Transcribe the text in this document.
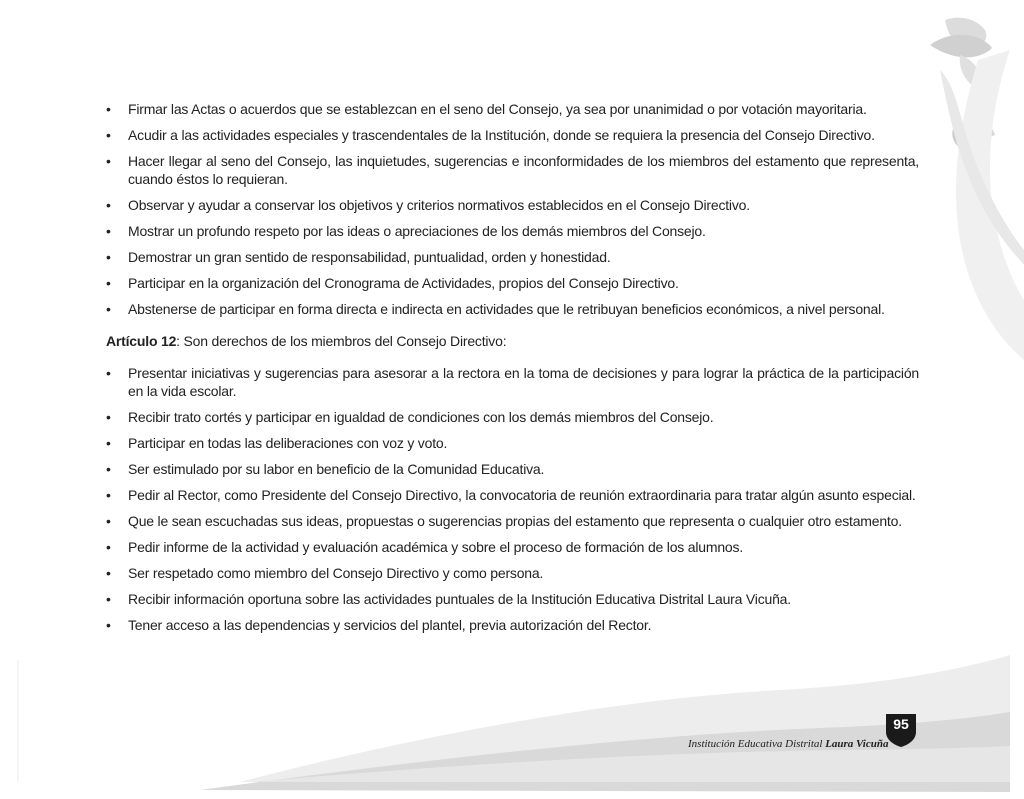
• Firmar las Actas o acuerdos que se establezcan en el seno del Consejo, ya sea por unanimidad o por votación mayoritaria.
• Acudir a las actividades especiales y trascendentales de la Institución, donde se requiera la presencia del Consejo Directivo.
• Hacer llegar al seno del Consejo, las inquietudes, sugerencias e inconformidades de los miembros del estamento que representa, cuando éstos lo requieran.
• Observar y ayudar a conservar los objetivos y criterios normativos establecidos en el Consejo Directivo.
• Mostrar un profundo respeto por las ideas o apreciaciones de los demás miembros del Consejo.
• Demostrar un gran sentido de responsabilidad, puntualidad, orden y honestidad.
• Participar en la organización del Cronograma de Actividades, propios del Consejo Directivo.
• Abstenerse de participar en forma directa e indirecta en actividades que le retribuyan beneficios económicos, a nivel personal.

Artículo 12: Son derechos de los miembros del Consejo Directivo:

• Presentar iniciativas y sugerencias para asesorar a la rectora en la toma de decisiones y para lograr la práctica de la participación en la vida escolar.
• Recibir trato cortés y participar en igualdad de condiciones con los demás miembros del Consejo.
• Participar en todas las deliberaciones con voz y voto.
• Ser estimulado por su labor en beneficio de la Comunidad Educativa.
• Pedir al Rector, como Presidente del Consejo Directivo, la convocatoria de reunión extraordinaria para tratar algún asunto especial.
• Que le sean escuchadas sus ideas, propuestas o sugerencias propias del estamento que representa o cualquier otro estamento.
• Pedir informe de la actividad y evaluación académica y sobre el proceso de formación de los alumnos.
• Ser respetado como miembro del Consejo Directivo y como persona.
• Recibir información oportuna sobre las actividades puntuales de la Institución Educativa Distrital Laura Vicuña.
• Tener acceso a las dependencias y servicios del plantel, previa autorización del Rector.
Institución Educativa Distrital Laura Vicuña
95
